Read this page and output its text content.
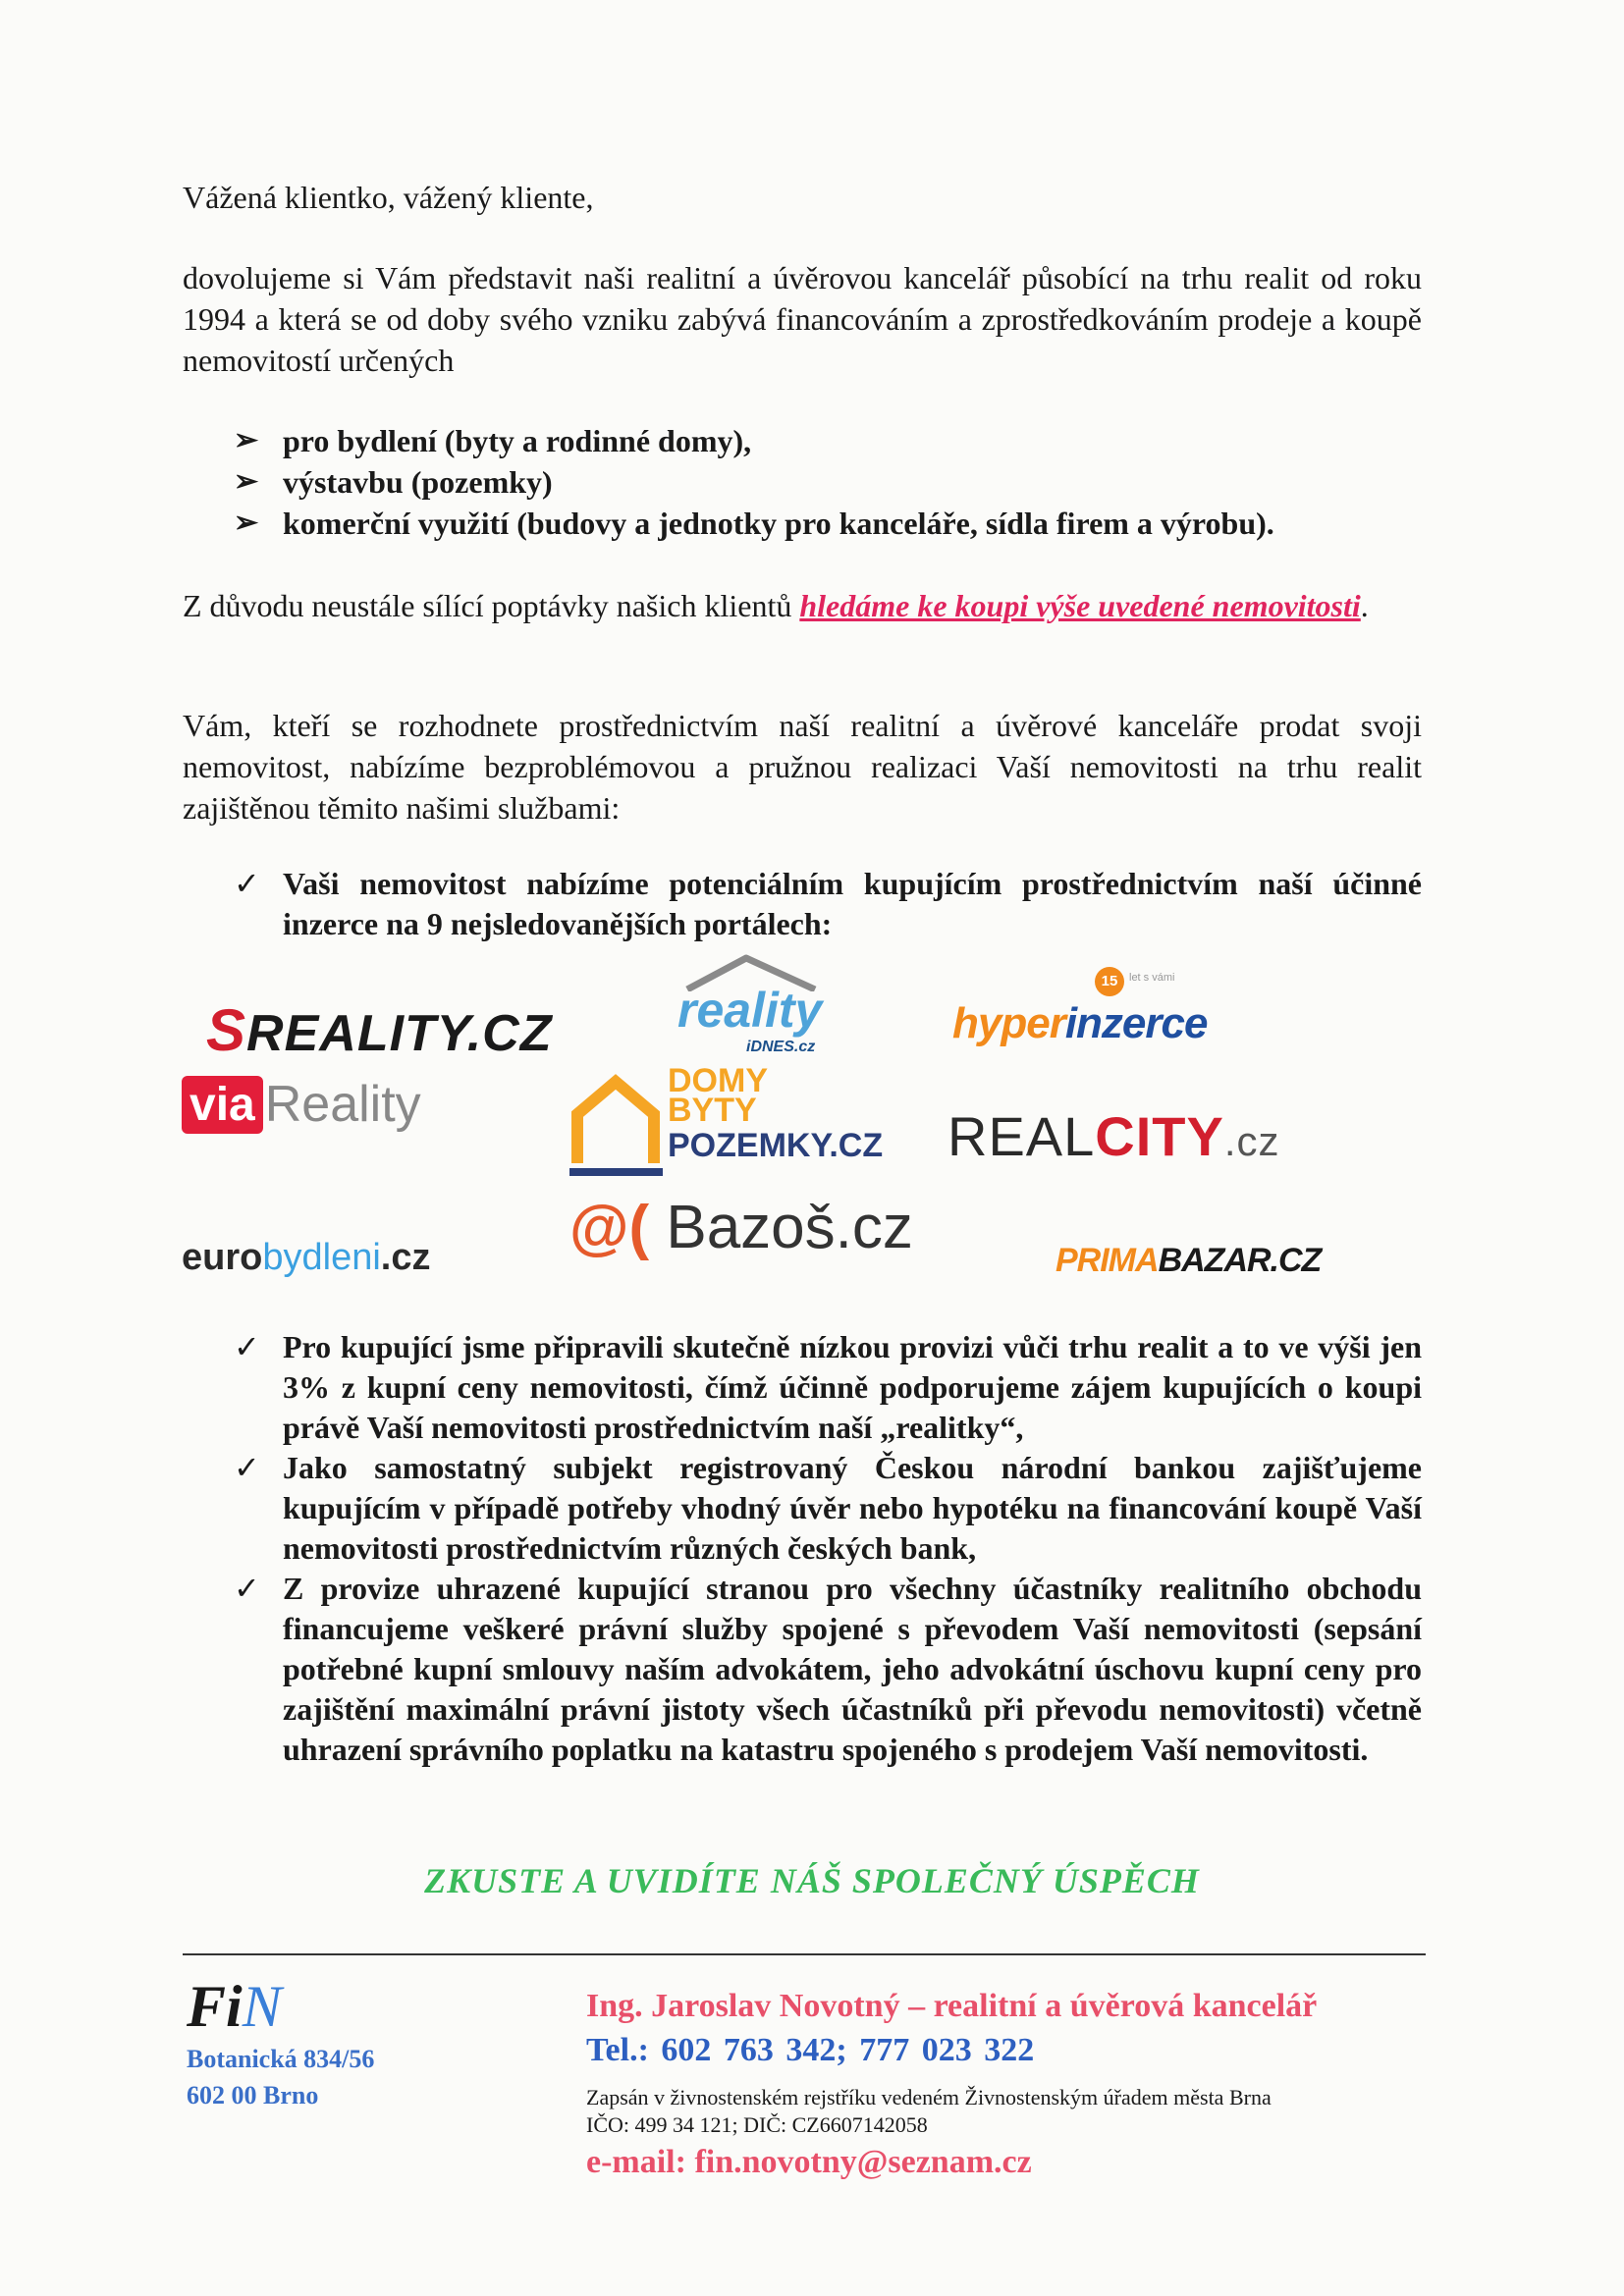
Vážená klientko, vážený kliente,

dovolujeme si Vám představit naši realitní a úvěrovou kancelář působící na trhu realit od roku 1994 a která se od doby svého vzniku zabývá financováním a zprostředkováním prodeje a koupě nemovitostí určených

➢ pro bydlení (byty a rodinné domy),
➢ výstavbu (pozemky)
➢ komerční využití (budovy a jednotky pro kanceláře, sídla firem a výrobu).

Z důvodu neustále sílící poptávky našich klientů hledáme ke koupi výše uvedené nemovitosti.

Vám, kteří se rozhodnete prostřednictvím naší realitní a úvěrové kanceláře prodat svoji nemovitost, nabízíme bezproblémovou a pružnou realizaci Vaší nemovitosti na trhu realit zajištěnou těmito našimi službami:

✓ Vaši nemovitost nabízíme potenciálním kupujícím prostřednictvím naší účinné inzerce na 9 nejsledovanějších portálech:
SREALITY.CZ	reality
iDNES.cz
15	let s vámi
hyperinzerce
via Reality	DOMY
BYTY
POZEMKY.CZ REALCITY.cz
eurobydleni.cz @( Bazoš.cz	PRIMABAZAR.CZ
✓ Pro kupující jsme připravili skutečně nízkou provizi vůči trhu realit a to ve výši jen 3% z kupní ceny nemovitosti, čímž účinně podporujeme zájem kupujících o koupi právě Vaší nemovitosti prostřednictvím naší „realitky“,
✓ Jako samostatný subjekt registrovaný Českou národní bankou zajišťujeme kupujícím v případě potřeby vhodný úvěr nebo hypotéku na financování koupě Vaší nemovitosti prostřednictvím různých českých bank,
✓ Z provize uhrazené kupující stranou pro všechny účastníky realitního obchodu financujeme veškeré právní služby spojené s převodem Vaší nemovitosti (sepsání potřebné kupní smlouvy naším advokátem, jeho advokátní úschovu kupní ceny pro zajištění maximální právní jistoty všech účastníků při převodu nemovitosti) včetně uhrazení správního poplatku na katastru spojeného s prodejem Vaší nemovitosti.
ZKUSTE A UVIDÍTE NÁŠ SPOLEČNÝ ÚSPĚCH
FiN
Botanická 834/56
602 00 Brno
Ing. Jaroslav Novotný – realitní a úvěrová kancelář
Tel.: 602 763 342; 777 023 322
Zapsán v živnostenském rejstříku vedeném Živnostenským úřadem města Brna
IČO: 499 34 121; DIČ: CZ6607142058
e-mail: fin.novotny@seznam.cz
